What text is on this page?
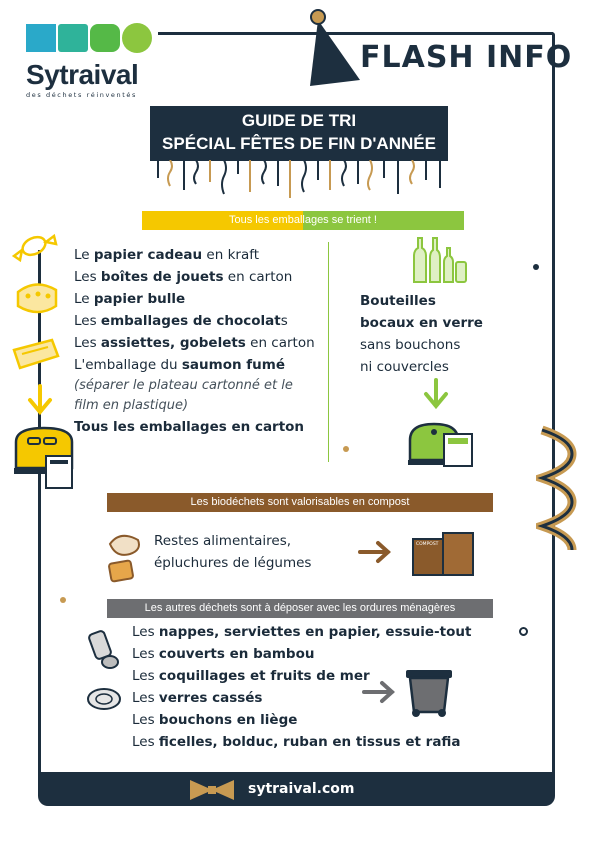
Sytraival
des déchets réinventés
FLASH INFO
GUIDE DE TRI
SPÉCIAL FÊTES DE FIN D'ANNÉE
Tous les emballages se trient !
Le papier cadeau en kraft
Les boîtes de jouets en carton
Le papier bulle
Les emballages de chocolats
Les assiettes, gobelets en carton
L'emballage du saumon fumé
(séparer le plateau cartonné et le
film en plastique)
Tous les emballages en carton
Bouteilles
bocaux en verre
sans bouchons
ni couvercles
Les biodéchets sont valorisables en compost
Restes alimentaires,
épluchures de légumes
COMPOST
Les autres déchets sont à déposer avec les ordures ménagères
Les nappes, serviettes en papier, essuie-tout
Les couverts en bambou
Les coquillages et fruits de mer
Les verres cassés
Les bouchons en liège
Les ficelles, bolduc, ruban en tissus et rafia
sytraival.com
